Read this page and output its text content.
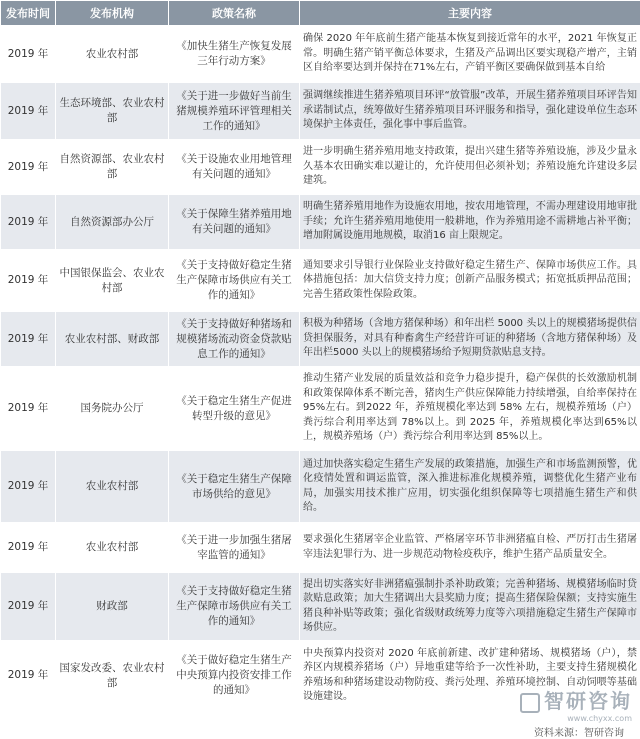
发布时间	发布机构	政策名称	主要内容
2019 年	农业农村部	《加快生猪生产恢复发展三年行动方案》	确保 2020 年年底前生猪产能基本恢复到接近常年的水平，2021 年恢复正常。明确生猪产销平衡总体要求，生猪及产品调出区要实现稳产增产，主销区自给率要达到并保持在71%左右，产销平衡区要确保做到基本自给
2019 年	生态环境部、农业农村部	《关于进一步做好当前生猪规模养殖环评管理相关工作的通知》	强调继续推进生猪养殖项目环评“放管服”改革，开展生猪养殖项目环评告知承诺制试点，统筹做好生猪养殖项目环评服务和指导，强化建设单位生态环境保护主体责任，强化事中事后监管。
2019 年	自然资源部、农业农村部	《关于设施农业用地管理有关问题的通知》	进一步明确生猪养殖用地支持政策，提出兴建生猪等养殖设施，涉及少量永久基本农田确实难以避让的，允许使用但必须补划；养殖设施允许建设多层建筑。
2019 年	自然资源部办公厅	《关于保障生猪养殖用地有关问题的通知》	明确生猪养殖用地作为设施农用地，按农用地管理，不需办理建设用地审批手续；允许生猪养殖用地使用一般耕地，作为养殖用途不需耕地占补平衡；增加附属设施用地规模，取消16 亩上限规定。
2019 年	中国银保监会、农业农村部	《关于支持做好稳定生猪生产保障市场供应有关工作的通知》	通知要求引导银行业保险业支持做好稳定生猪生产、保障市场供应工作。具体措施包括：加大信贷支持力度；创新产品服务模式；拓宽抵质押品范围；完善生猪政策性保险政策。
2019 年	农业农村部、财政部	《关于支持做好种猪场和规模猪场流动资金贷款贴息工作的通知》	积极为种猪场（含地方猪保种场）和年出栏 5000 头以上的规模猪场提供信贷担保服务，对具有种畜禽生产经营许可证的种猪场（含地方猪保种场）及年出栏5000 头以上的规模猪场给予短期贷款贴息支持。
2019 年	国务院办公厅	《关于稳定生猪生产促进转型升级的意见》	推动生猪产业发展的质量效益和竞争力稳步提升，稳产保供的长效激励机制和政策保障体系不断完善，猪肉生产供应保障能力持续增强，自给率保持在95%左右。到2022 年，养殖规模化率达到 58% 左右，规模养殖场（户）粪污综合利用率达到 78%以上。到 2025 年，养殖规模化率达到65%以上，规模养殖场（户）粪污综合利用率达到 85%以上。
2019 年	农业农村部	《关于稳定生猪生产保障市场供给的意见》	通过加快落实稳定生猪生产发展的政策措施，加强生产和市场监测预警，优化疫情处置和调运监管，深入推进标准化规模养殖，调整优化生猪产业布局，加强实用技术推广应用，切实强化组织保障等七项措施生猪生产和供给。
2019 年	农业农村部	《关于进一步加强生猪屠宰监管的通知》	要求强化生猪屠宰企业监管、严格屠宰环节非洲猪瘟自检、严厉打击生猪屠宰违法犯罪行为、进一步规范动物检疫秩序，维护生猪产品质量安全。
2019 年	财政部	《关于支持做好稳定生猪生产保障市场供应有关工作的通知》	提出切实落实好非洲猪瘟强制扑杀补助政策；完善种猪场、规模猪场临时贷款贴息政策；加大生猪调出大县奖励力度；提高生猪保险保额；支持实施生猪良种补贴等政策；强化省级财政统筹力度等六项措施稳定生猪生产保障市场供应。
2019 年	国家发改委、农业农村部	《关于做好稳定生猪生产中央预算内投资安排工作的通知》	中央预算内投资对 2020 年底前新建、改扩建种猪场、规模猪场（户），禁养区内规模养猪场（户）异地重建等给予一次性补助，主要支持生猪规模化养殖场和种猪场建设动物防疫、粪污处理、养殖环境控制、自动饲喂等基础设施建设。	智研咨询
www.chyxx.com
资料来源：智研咨询
